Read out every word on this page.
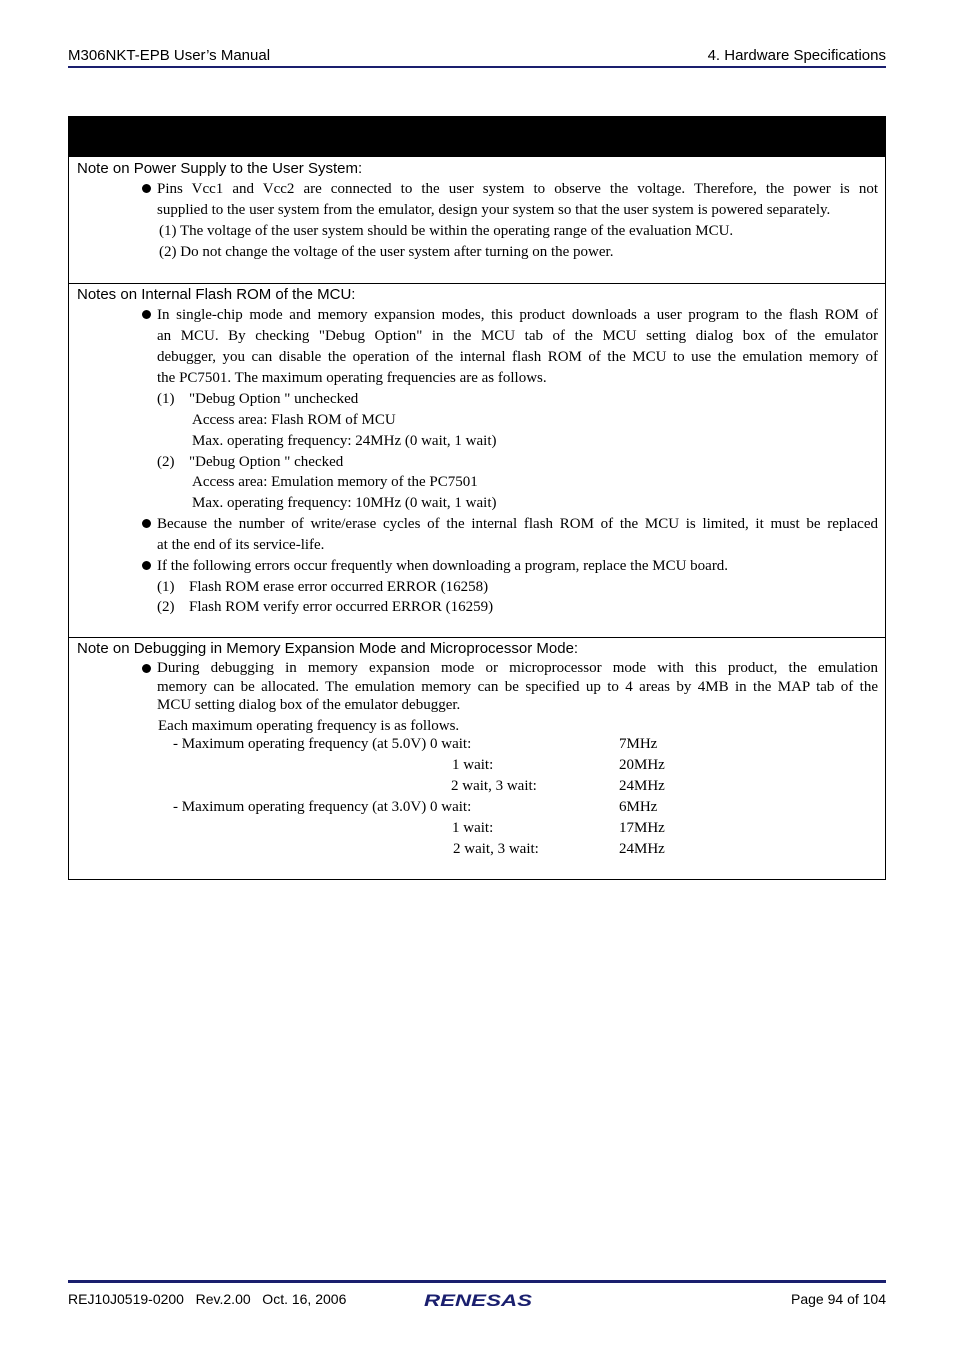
M306NKT-EPB User’s Manual	4. Hardware Specifications
Note on Power Supply to the User System:
Pins Vcc1 and Vcc2 are connected to the user system to observe the voltage. Therefore, the power is not
supplied to the user system from the emulator, design your system so that the user system is powered separately.
(1) The voltage of the user system should be within the operating range of the evaluation MCU.
(2) Do not change the voltage of the user system after turning on the power.
Notes on Internal Flash ROM of the MCU:
In single-chip mode and memory expansion modes, this product downloads a user program to the flash ROM of
an MCU. By checking "Debug Option" in the MCU tab of the MCU setting dialog box of the emulator
debugger, you can disable the operation of the internal flash ROM of the MCU to use the emulation memory of
the PC7501. The maximum operating frequencies are as follows.
(1) "Debug Option " unchecked
Access area: Flash ROM of MCU
Max. operating frequency: 24MHz (0 wait, 1 wait)
(2) "Debug Option " checked
Access area: Emulation memory of the PC7501
Max. operating frequency: 10MHz (0 wait, 1 wait)
Because the number of write/erase cycles of the internal flash ROM of the MCU is limited, it must be replaced
at the end of its service-life.
If the following errors occur frequently when downloading a program, replace the MCU board.
(1) Flash ROM erase error occurred ERROR (16258)
(2) Flash ROM verify error occurred ERROR (16259)
Note on Debugging in Memory Expansion Mode and Microprocessor Mode:
During debugging in memory expansion mode or microprocessor mode with this product, the emulation
memory can be allocated. The emulation memory can be specified up to 4 areas by 4MB in the MAP tab of the
MCU setting dialog box of the emulator debugger.
Each maximum operating frequency is as follows.
- Maximum operating frequency (at 5.0V) 0 wait:	7MHz
1 wait:	20MHz
2 wait, 3 wait:	24MHz
- Maximum operating frequency (at 3.0V) 0 wait:	6MHz
1 wait:	17MHz
2 wait, 3 wait:	24MHz
REJ10J0519-0200   Rev.2.00   Oct. 16, 2006	Page 94 of 104
RENESAS
